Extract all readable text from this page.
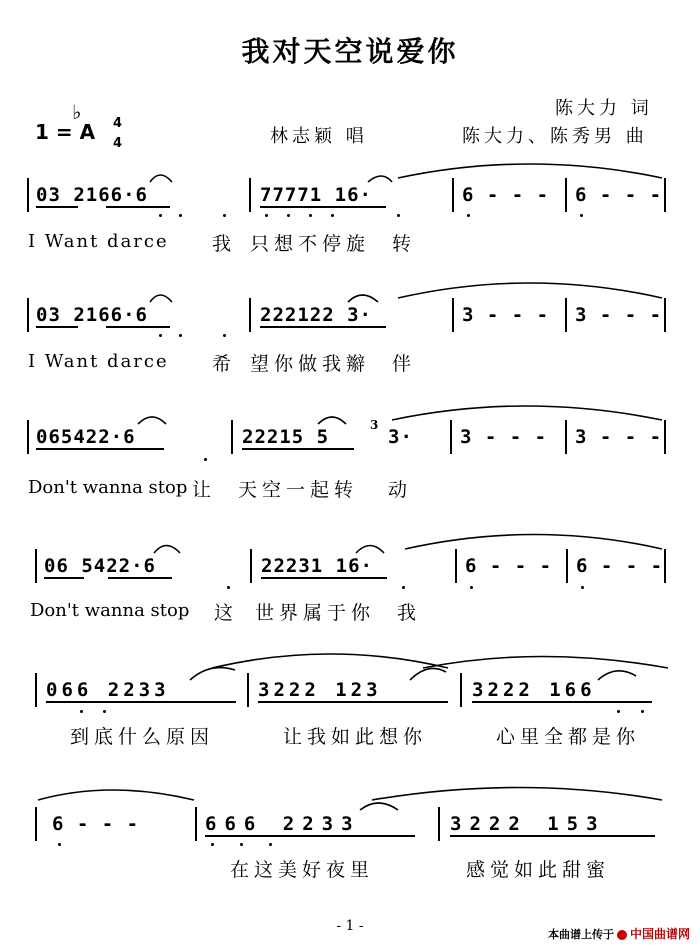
我对天空说爱你
陈大力 词
林志颖 唱	陈大力、陈秀男 曲
♭
1 = A 4
4
03 2166·6	77771 16·	6 - - - 6 - - -
I Want darce 我 只想不停旋 转
03 2166·6	222122 3·	3 - - - 3 - - -
I Want darce 希 望你做我辮 伴
065422·6	22215 5
3
3· 3 - - - 3 - - -
Don't wanna stop 让 天空一起转 动
06 5422·6	22231 16·	6 - - - 6 - - -
Don't wanna stop 这 世界属于你 我
066 2233	3222 123	3222 166
到底什么原因	让我如此想你	心里全都是你
6 - - -	666 2233	3222 153
在这美好夜里	感觉如此甜蜜
- 1 -
本曲谱上传于 中国曲谱网
